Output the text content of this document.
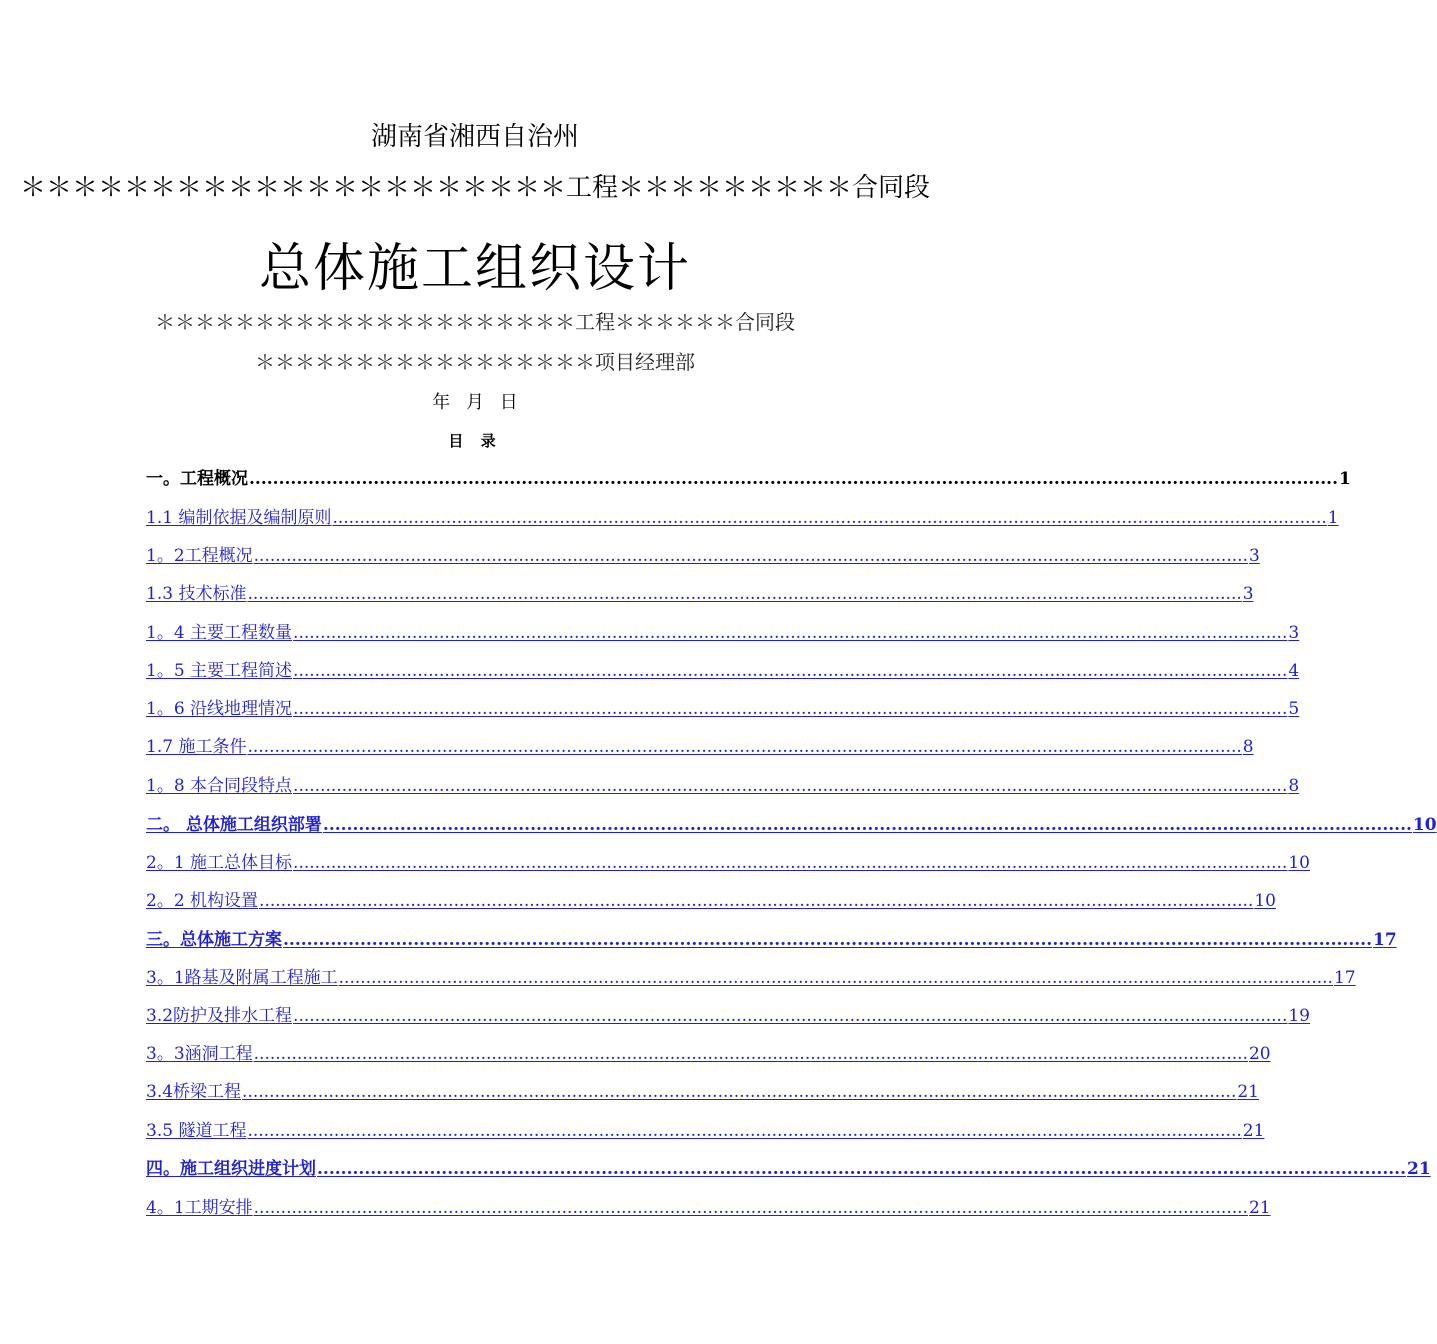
湖南省湘西自治州
＊＊＊＊＊＊＊＊＊＊＊＊＊＊＊＊＊＊＊＊＊工程＊＊＊＊＊＊＊＊＊合同段
总体施工组织设计
＊＊＊＊＊＊＊＊＊＊＊＊＊＊＊＊＊＊＊＊＊工程＊＊＊＊＊＊合同段
＊＊＊＊＊＊＊＊＊＊＊＊＊＊＊＊＊项目经理部
年 月 日
目 录
一。工程概况 ........................................................................................................................................................................................ 1
1.1 编制依据及编制原则 ........................................................................................................................................................................................ 1
1。2工程概况 ........................................................................................................................................................................................ 3
1.3 技术标准 ........................................................................................................................................................................................ 3
1。4 主要工程数量 ........................................................................................................................................................................................ 3
1。5 主要工程简述 ........................................................................................................................................................................................ 4
1。6 沿线地理情况 ........................................................................................................................................................................................ 5
1.7 施工条件 ........................................................................................................................................................................................ 8
1。8 本合同段特点 ........................................................................................................................................................................................ 8
二。 总体施工组织部署 ........................................................................................................................................................................................ 10
2。1 施工总体目标 ........................................................................................................................................................................................ 10
2。2 机构设置 ........................................................................................................................................................................................ 10
三。总体施工方案 ........................................................................................................................................................................................ 17
3。1路基及附属工程施工 ........................................................................................................................................................................................ 17
3.2防护及排水工程 ........................................................................................................................................................................................ 19
3。3涵洞工程 ........................................................................................................................................................................................ 20
3.4桥梁工程 ........................................................................................................................................................................................ 21
3.5 隧道工程 ........................................................................................................................................................................................ 21
四。施工组织进度计划 ........................................................................................................................................................................................ 21
4。1工期安排 ........................................................................................................................................................................................ 21
